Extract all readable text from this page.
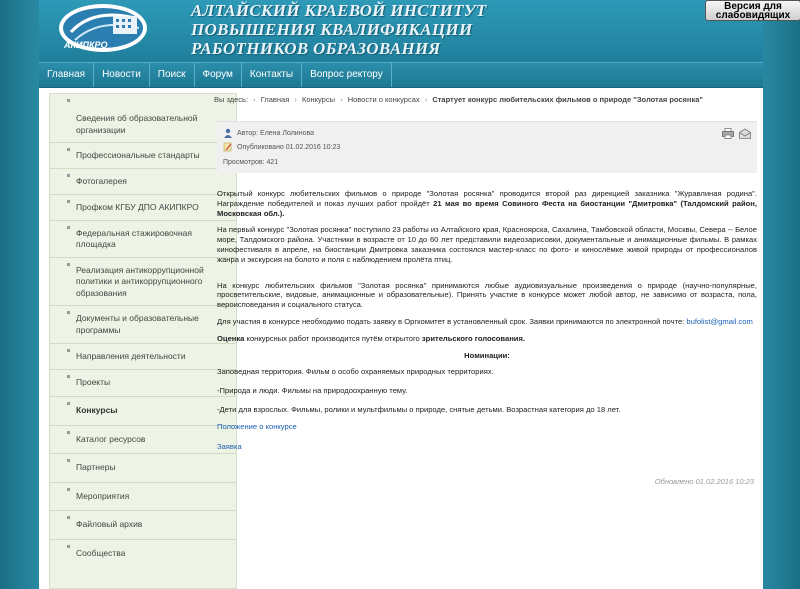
АКИПКРО
АЛТАЙСКИЙ КРАЕВОЙ ИНСТИТУТ
ПОВЫШЕНИЯ КВАЛИФИКАЦИИ
РАБОТНИКОВ ОБРАЗОВАНИЯ
Версия для слабовидящих
Главная	Новости	Поиск	Форум	Контакты	Вопрос ректору
Сведения об образовательной организации
Профессиональные стандарты
Фотогалерея
Профком КГБУ ДПО АКИПКРО
Федеральная стажировочная площадка
Реализация антикоррупционной политики и антикоррупционного образования
Документы и образовательные программы
Направления деятельности
Проекты
Конкурсы
Каталог ресурсов
Партнеры
Мероприятия
Файловый архив
Сообщества
Вы здесь: › Главная › Конкурсы › Новости о конкурсах › Стартует конкурс любительских фильмов о природе "Золотая росянка"
Автор: Елена Лолинова
Опубликовано 01.02.2016 10:23
Просмотров: 421

Открытый конкурс любительских фильмов о природе "Золотая росянка" проводится второй раз дирекцией заказника "Журавлиная родина". Награждение победителей и показ лучших работ пройдёт 21 мая во время Совиного Феста на биостанции "Дмитровка" (Талдомский район, Московская обл.).

На первый конкурс "Золотая росянка" поступило 23 работы из Алтайского края, Красноярска, Сахалина, Тамбовской области, Москвы, Севера -- Белое море, Талдомского района. Участники в возрасте от 10 до 60 лет представили видеозарисовки, документальные и анимационные фильмы. В рамках кинофестиваля в апреле, на биостанции Дмитровка заказника состоялся мастер-класс по фото- и кинослёмке живой природы от профессионалов жанра и экскурсия на болото и поля с наблюдением пролёта птиц.

На конкурс любительских фильмов "Золотая росянка" принимаются любые аудиовизуальные произведения о природе (научно-популярные, просветительские, видовые, анимационные и образовательные). Принять участие в конкурсе может любой автор, не зависимо от возраста, пола, вероисповедания и социального статуса.

Для участия в конкурсе необходимо подать заявку в Оргкомитет в установленный срок. Заявки принимаются по электронной почте: bufolist@gmail.com

Оценка конкурсных работ производится путём открытого зрительского голосования.

Номинации:

Заповедная территория. Фильм о особо охраняемых природных территориях.

-Природа и люди. Фильмы на природоохранную тему.

-Дети для взрослых. Фильмы, ролики и мультфильмы о природе, снятые детьми. Возрастная категория до 18 лет.

Положение о конкурсе

Заявка

Обновлено 01.02.2016 10:23
